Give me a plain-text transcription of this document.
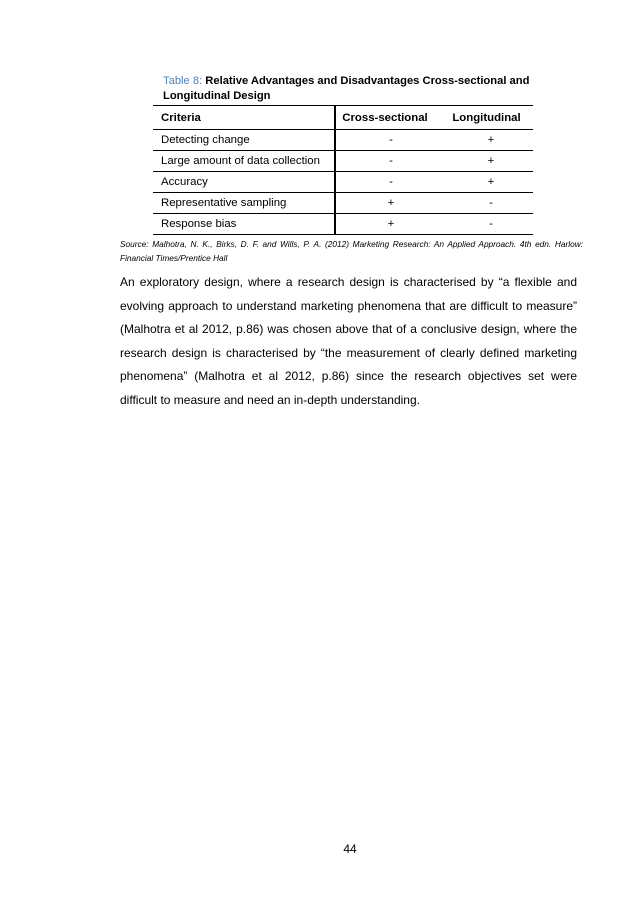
Table 8: Relative Advantages and Disadvantages Cross-sectional and Longitudinal Design
Criteria	Cross-sectional	Longitudinal
Detecting change	-	+
Large amount of data collection	-	+
Accuracy	-	+
Representative sampling	+	-
Response bias	+	-
Source: Malhotra, N. K., Birks, D. F. and Wills, P. A. (2012) Marketing Research: An Applied Approach. 4th edn. Harlow: Financial Times/Prentice Hall

An exploratory design, where a research design is characterised by “a flexible and evolving approach to understand marketing phenomena that are difficult to measure” (Malhotra et al 2012, p.86) was chosen above that of a conclusive design, where the research design is characterised by “the measurement of clearly defined marketing phenomena” (Malhotra et al 2012, p.86) since the research objectives set were difficult to measure and need an in-depth understanding.

44
